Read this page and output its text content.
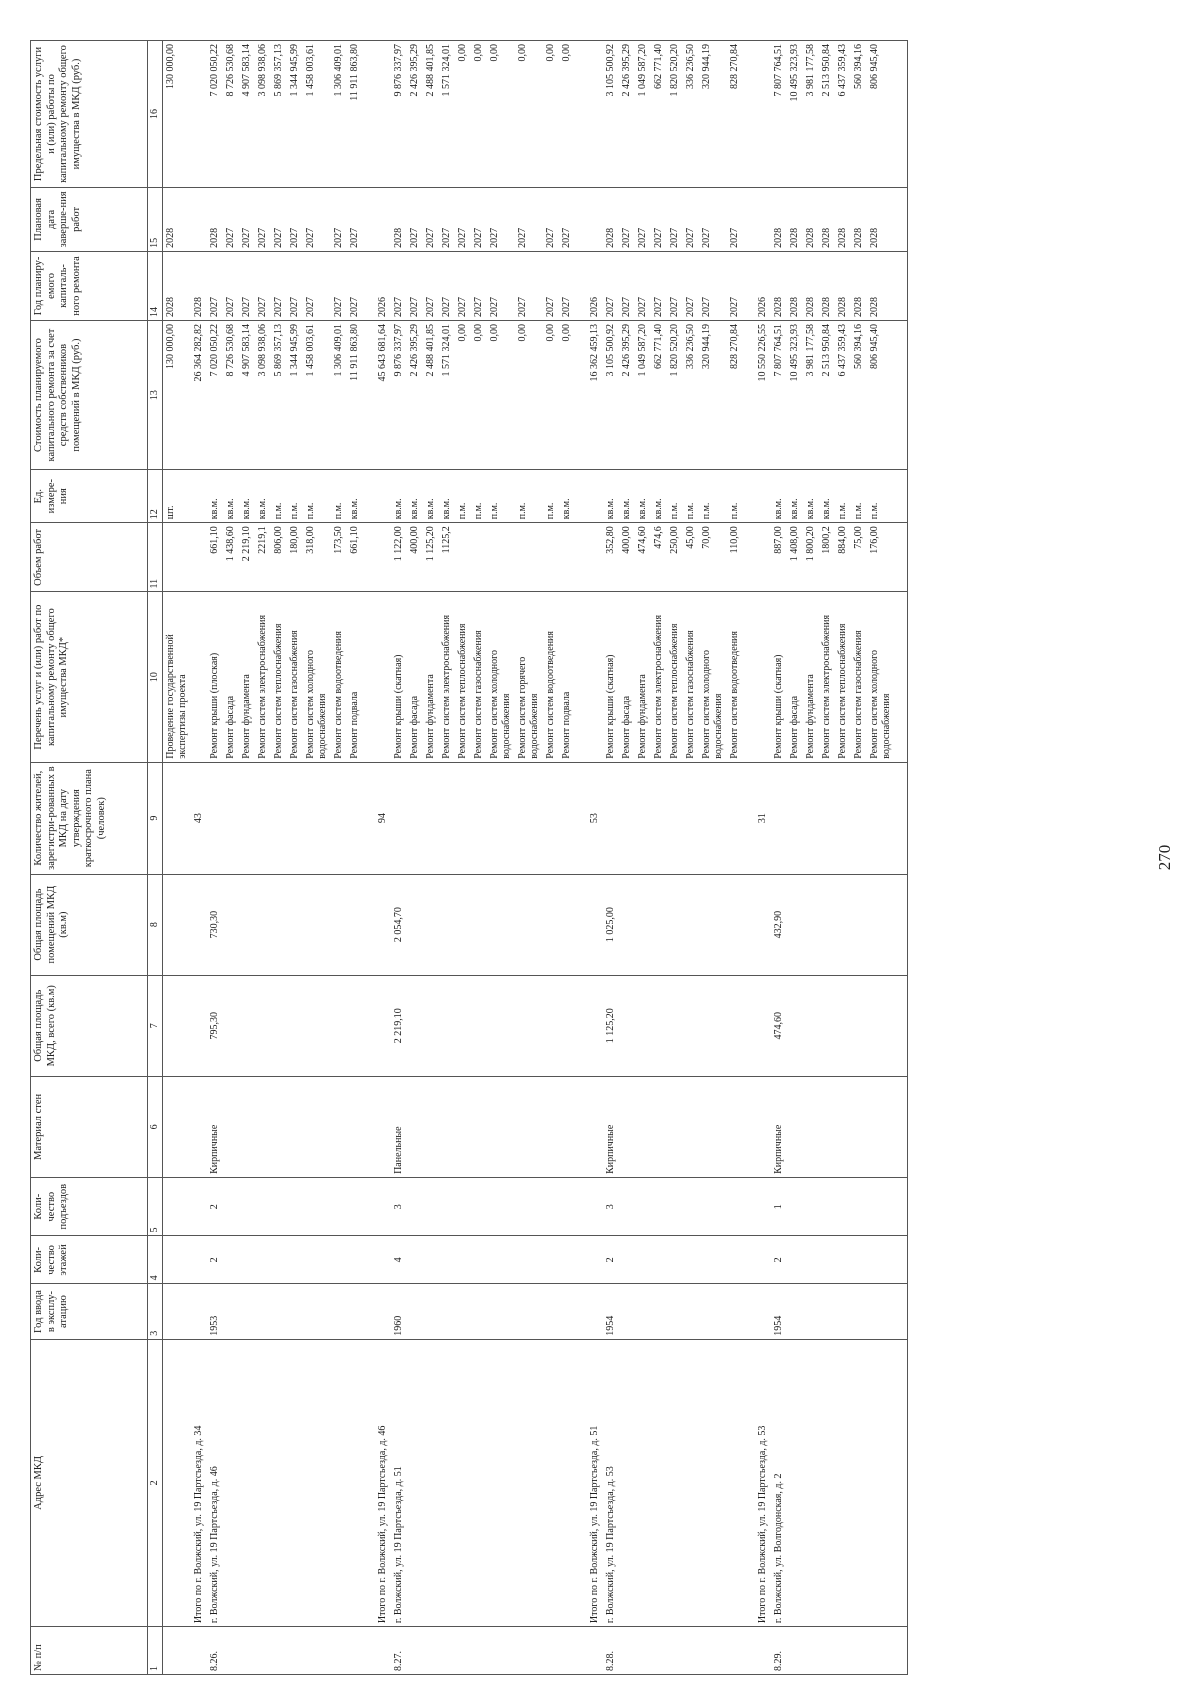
№ п/п	Адрес МКД	Год ввода в эксплу-атацию	Коли-чество этажей	Коли-чество подъездов	Материал стен	Общая площадь МКД, всего (кв.м)	Общая площадь помещений МКД (кв.м)	Количество жителей, зарегистри-рованных в МКД на дату утверждения краткосрочного плана (человек)	Перечень услуг и (или) работ по капитальному ремонту общего имущества МКД*	Объем работ	Ед. измере-ния	Стоимость планируемого капитального ремонта за счет средств собственников помещений в МКД (руб.)	Год планиру-емого капиталь-ного ремонта	Плановая дата заверше-ния работ	Предельная стоимость услуги и (или) работы по капитальному ремонту общего имущества в МКД (руб.)
1	2	3	4	5	6	7	8	9	10	11	12	13	14	15	16
									Проведение государственной экспертизы проекта		шт.	130 000,00	2028	2028	130 000,00
	Итого по г. Волжский, ул. 19 Партсъезда, д. 34							43				26 364 282,82	2028		
8.26.	г. Волжский, ул. 19 Партсъезда, д. 46	1953	2	2	Кирпичные	795,30	730,30		Ремонт крыши (плоская)	661,10	кв.м.	7 020 050,22	2027	2028	7 020 050,22
									Ремонт фасада	1 438,60	кв.м.	8 726 530,68	2027	2027	8 726 530,68
									Ремонт фундамента	2 219,10	кв.м.	4 907 583,14	2027	2027	4 907 583,14
									Ремонт систем электроснабжения	2219,1	кв.м.	3 098 938,06	2027	2027	3 098 938,06
									Ремонт систем теплоснабжения	806,00	п.м.	5 869 357,13	2027	2027	5 869 357,13
									Ремонт систем газоснабжения	180,00	п.м.	1 344 945,99	2027	2027	1 344 945,99
									Ремонт систем холодного водоснабжения	318,00	п.м.	1 458 003,61	2027	2027	1 458 003,61
									Ремонт систем водоотведения	173,50	п.м.	1 306 409,01	2027	2027	1 306 409,01
									Ремонт подвала	661,10	кв.м.	11 911 863,80	2027	2027	11 911 863,80

	Итого по г. Волжский, ул. 19 Партсъезда, д. 46							94				45 643 681,64	2026		
8.27.	г. Волжский, ул. 19 Партсъезда, д. 51	1960	4	3	Панельные	2 219,10	2 054,70		Ремонт крыши (скатная)	1 122,00	кв.м.	9 876 337,97	2027	2028	9 876 337,97
									Ремонт фасада	400,00	кв.м.	2 426 395,29	2027	2027	2 426 395,29
									Ремонт фундамента	1 125,20	кв.м.	2 488 401,85	2027	2027	2 488 401,85
									Ремонт систем электроснабжения	1125,2	кв.м.	1 571 324,01	2027	2027	1 571 324,01
									Ремонт систем теплоснабжения		п.м.	0,00	2027	2027	0,00
									Ремонт систем газоснабжения		п.м.	0,00	2027	2027	0,00
									Ремонт систем холодного водоснабжения		п.м.	0,00	2027	2027	0,00
									Ремонт систем горячего водоснабжения		п.м.	0,00	2027	2027	0,00
									Ремонт систем водоотведения		п.м.	0,00	2027	2027	0,00
									Ремонт подвала		кв.м.	0,00	2027	2027	0,00

	Итого по г. Волжский, ул. 19 Партсъезда, д. 51							53				16 362 459,13	2026		
8.28.	г. Волжский, ул. 19 Партсъезда, д. 53	1954	2	3	Кирпичные	1 125,20	1 025,00		Ремонт крыши (скатная)	352,80	кв.м.	3 105 500,92	2027	2028	3 105 500,92
									Ремонт фасада	400,00	кв.м.	2 426 395,29	2027	2027	2 426 395,29
									Ремонт фундамента	474,60	кв.м.	1 049 587,20	2027	2027	1 049 587,20
									Ремонт систем электроснабжения	474,6	кв.м.	662 771,40	2027	2027	662 771,40
									Ремонт систем теплоснабжения	250,00	п.м.	1 820 520,20	2027	2027	1 820 520,20
									Ремонт систем газоснабжения	45,00	п.м.	336 236,50	2027	2027	336 236,50
									Ремонт систем холодного водоснабжения	70,00	п.м.	320 944,19	2027	2027	320 944,19
									Ремонт систем водоотведения	110,00	п.м.	828 270,84	2027	2027	828 270,84

	Итого по г. Волжский, ул. 19 Партсъезда, д. 53							31				10 550 226,55	2026		
8.29.	г. Волжский, ул. Волгодонская, д. 2	1954	2	1	Кирпичные	474,60	432,90		Ремонт крыши (скатная)	887,00	кв.м.	7 807 764,51	2028	2028	7 807 764,51
									Ремонт фасада	1 408,00	кв.м.	10 495 323,93	2028	2028	10 495 323,93
									Ремонт фундамента	1 800,20	кв.м.	3 981 177,58	2028	2028	3 981 177,58
									Ремонт систем электроснабжения	1800,2	кв.м.	2 513 950,84	2028	2028	2 513 950,84
									Ремонт систем теплоснабжения	884,00	п.м.	6 437 359,43	2028	2028	6 437 359,43
									Ремонт систем газоснабжения	75,00	п.м.	560 394,16	2028	2028	560 394,16
									Ремонт систем холодного водоснабжения	176,00	п.м.	806 945,40	2028	2028	806 945,40

270
